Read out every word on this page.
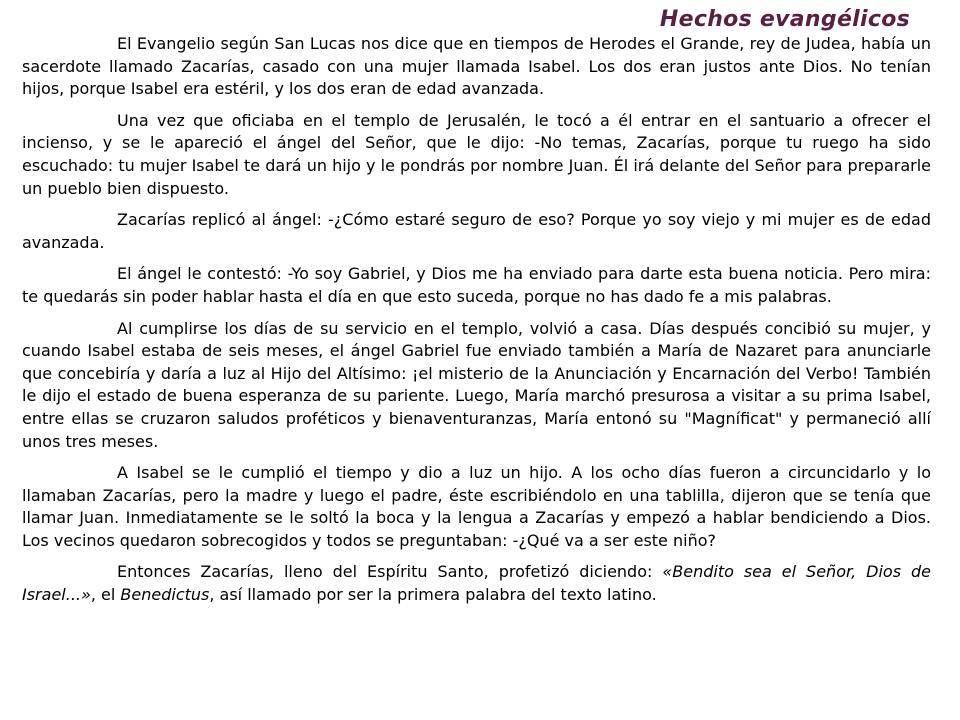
Hechos evangélicos

El Evangelio según San Lucas nos dice que en tiempos de Herodes el Grande, rey de Judea, había un sacerdote llamado Zacarías, casado con una mujer llamada Isabel. Los dos eran justos ante Dios. No tenían hijos, porque Isabel era estéril, y los dos eran de edad avanzada.

Una vez que oficiaba en el templo de Jerusalén, le tocó a él entrar en el santuario a ofrecer el incienso, y se le apareció el ángel del Señor, que le dijo: -No temas, Zacarías, porque tu ruego ha sido escuchado: tu mujer Isabel te dará un hijo y le pondrás por nombre Juan. Él irá delante del Señor para prepararle un pueblo bien dispuesto.

Zacarías replicó al ángel: -¿Cómo estaré seguro de eso? Porque yo soy viejo y mi mujer es de edad avanzada.

El ángel le contestó: -Yo soy Gabriel, y Dios me ha enviado para darte esta buena noticia. Pero mira: te quedarás sin poder hablar hasta el día en que esto suceda, porque no has dado fe a mis palabras.

Al cumplirse los días de su servicio en el templo, volvió a casa. Días después concibió su mujer, y cuando Isabel estaba de seis meses, el ángel Gabriel fue enviado también a María de Nazaret para anunciarle que concebiría y daría a luz al Hijo del Altísimo: ¡el misterio de la Anunciación y Encarnación del Verbo! También le dijo el estado de buena esperanza de su pariente. Luego, María marchó presurosa a visitar a su prima Isabel, entre ellas se cruzaron saludos proféticos y bienaventuranzas, María entonó su "Magníficat" y permaneció allí unos tres meses.

A Isabel se le cumplió el tiempo y dio a luz un hijo. A los ocho días fueron a circuncidarlo y lo llamaban Zacarías, pero la madre y luego el padre, éste escribiéndolo en una tablilla, dijeron que se tenía que llamar Juan. Inmediatamente se le soltó la boca y la lengua a Zacarías y empezó a hablar bendiciendo a Dios. Los vecinos quedaron sobrecogidos y todos se preguntaban: -¿Qué va a ser este niño?

Entonces Zacarías, lleno del Espíritu Santo, profetizó diciendo: «Bendito sea el Señor, Dios de Israel...», el Benedictus, así llamado por ser la primera palabra del texto latino.
